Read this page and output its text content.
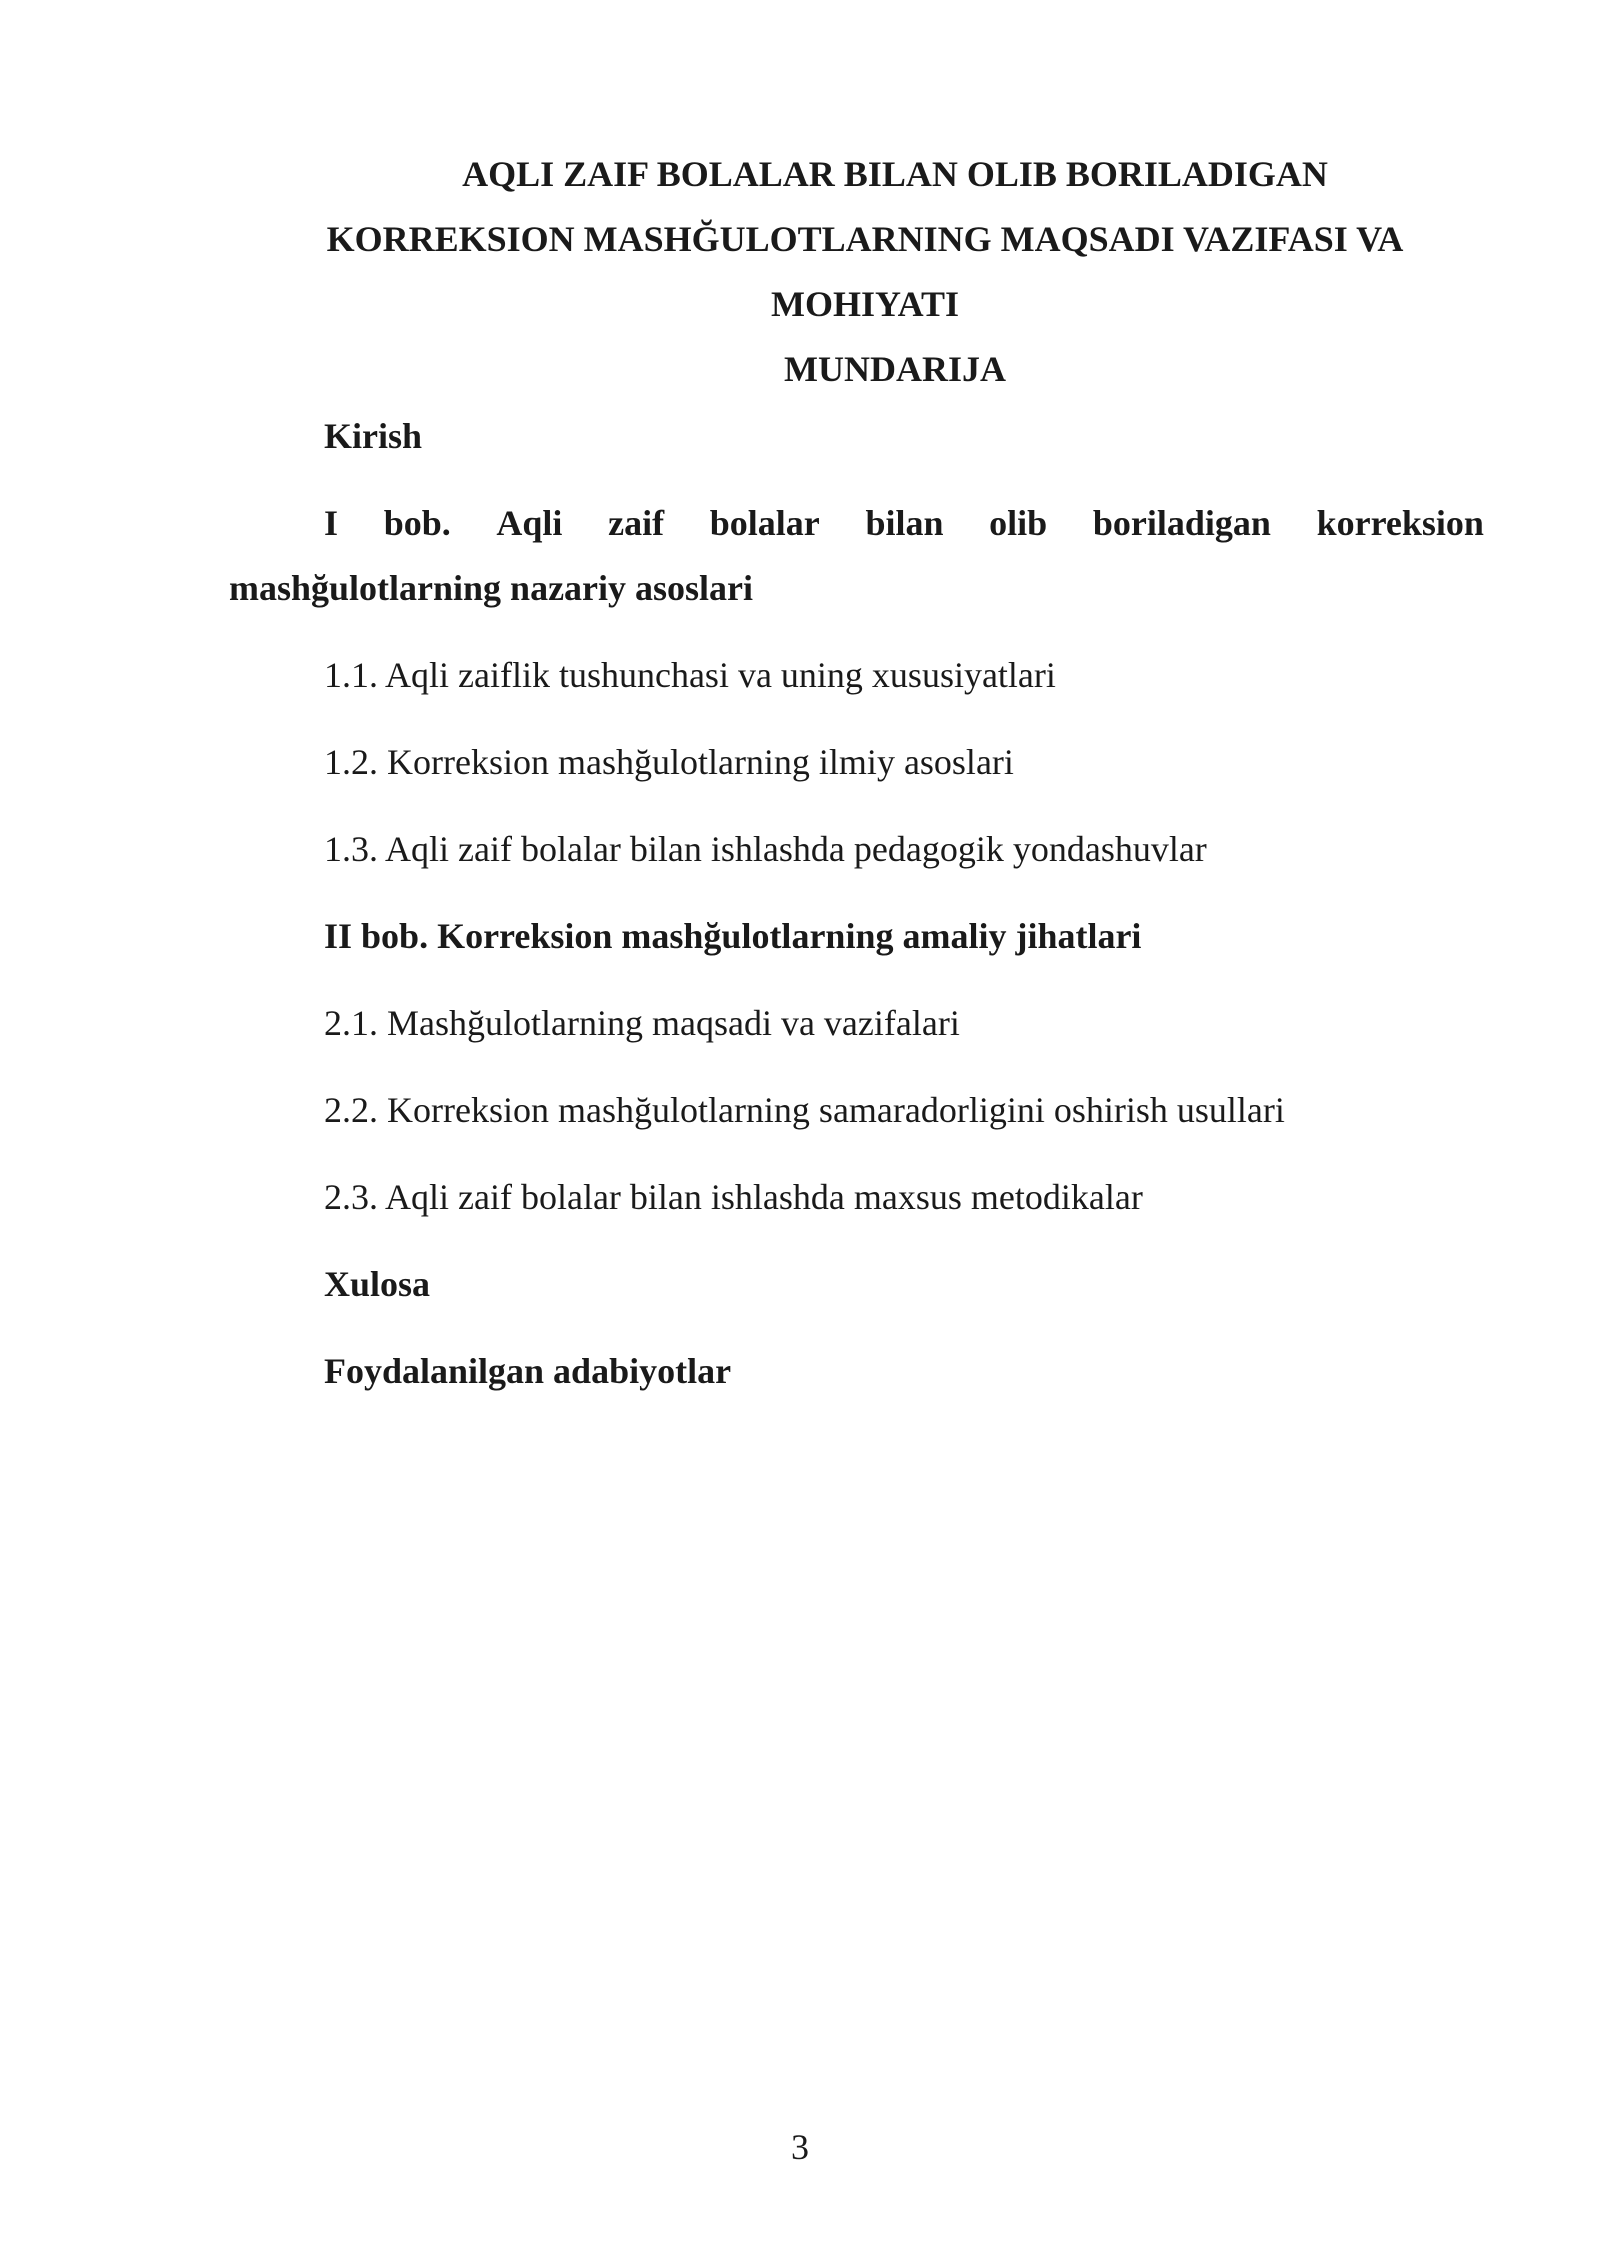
AQLI ZAIF BOLALAR BILAN OLIB BORILADIGAN
KORREKSION MASHĞULOTLARNING MAQSADI VAZIFASI VA
MOHIYATI
MUNDARIJA
Kirish
I bob. Aqli zaif bolalar bilan olib boriladigan korreksion
mashğulotlarning nazariy asoslari
1.1. Aqli zaiflik tushunchasi va uning xususiyatlari
1.2. Korreksion mashğulotlarning ilmiy asoslari
1.3. Aqli zaif bolalar bilan ishlashda pedagogik yondashuvlar
II bob. Korreksion mashğulotlarning amaliy jihatlari
2.1. Mashğulotlarning maqsadi va vazifalari
2.2. Korreksion mashğulotlarning samaradorligini oshirish usullari
2.3. Aqli zaif bolalar bilan ishlashda maxsus metodikalar
Xulosa
Foydalanilgan adabiyotlar
3
